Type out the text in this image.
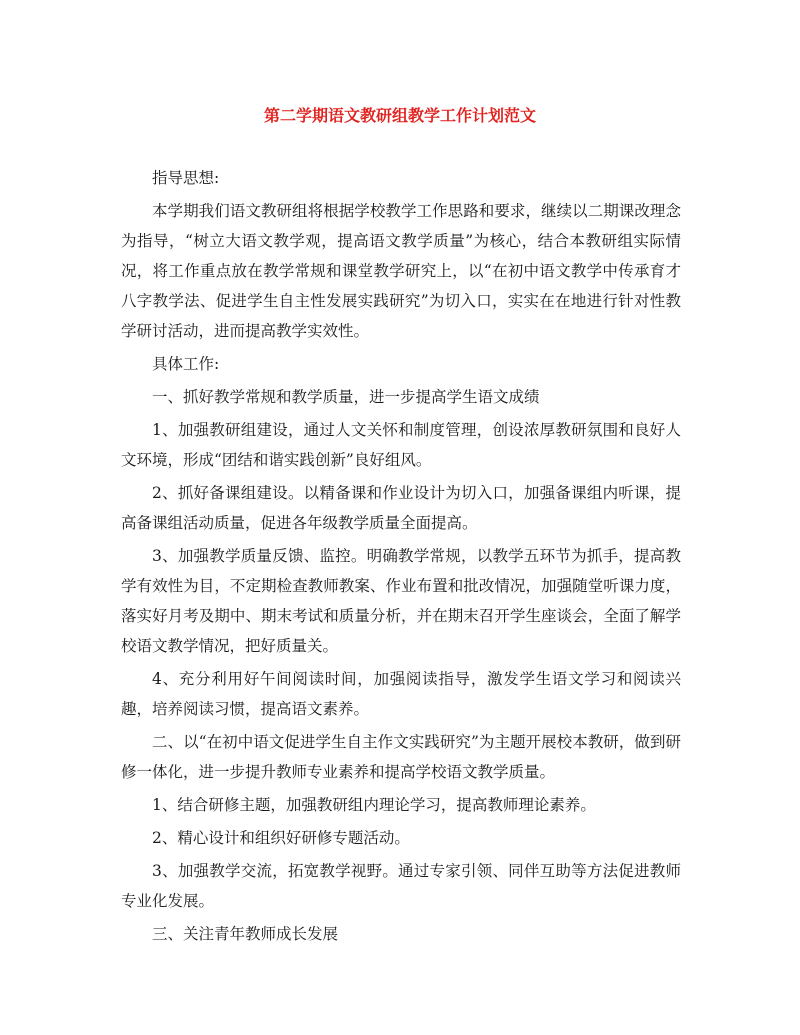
第二学期语文教研组教学工作计划范文

指导思想:

本学期我们语文教研组将根据学校教学工作思路和要求，继续以二期课改理念为指导，“树立大语文教学观，提高语文教学质量”为核心，结合本教研组实际情况，将工作重点放在教学常规和课堂教学研究上，以“在初中语文教学中传承育才八字教学法、促进学生自主性发展实践研究”为切入口，实实在在地进行针对性教学研讨活动，进而提高教学实效性。

具体工作:

一、抓好教学常规和教学质量，进一步提高学生语文成绩

1、加强教研组建设，通过人文关怀和制度管理，创设浓厚教研氛围和良好人文环境，形成“团结和谐实践创新”良好组风。

2、抓好备课组建设。以精备课和作业设计为切入口，加强备课组内听课，提高备课组活动质量，促进各年级教学质量全面提高。

3、加强教学质量反馈、监控。明确教学常规，以教学五环节为抓手，提高教学有效性为目，不定期检查教师教案、作业布置和批改情况，加强随堂听课力度，落实好月考及期中、期末考试和质量分析，并在期末召开学生座谈会，全面了解学校语文教学情况，把好质量关。

4、充分利用好午间阅读时间，加强阅读指导，激发学生语文学习和阅读兴趣，培养阅读习惯，提高语文素养。

二、以“在初中语文促进学生自主作文实践研究”为主题开展校本教研，做到研修一体化，进一步提升教师专业素养和提高学校语文教学质量。

1、结合研修主题，加强教研组内理论学习，提高教师理论素养。

2、精心设计和组织好研修专题活动。

3、加强教学交流，拓宽教学视野。通过专家引领、同伴互助等方法促进教师专业化发展。

三、关注青年教师成长发展
